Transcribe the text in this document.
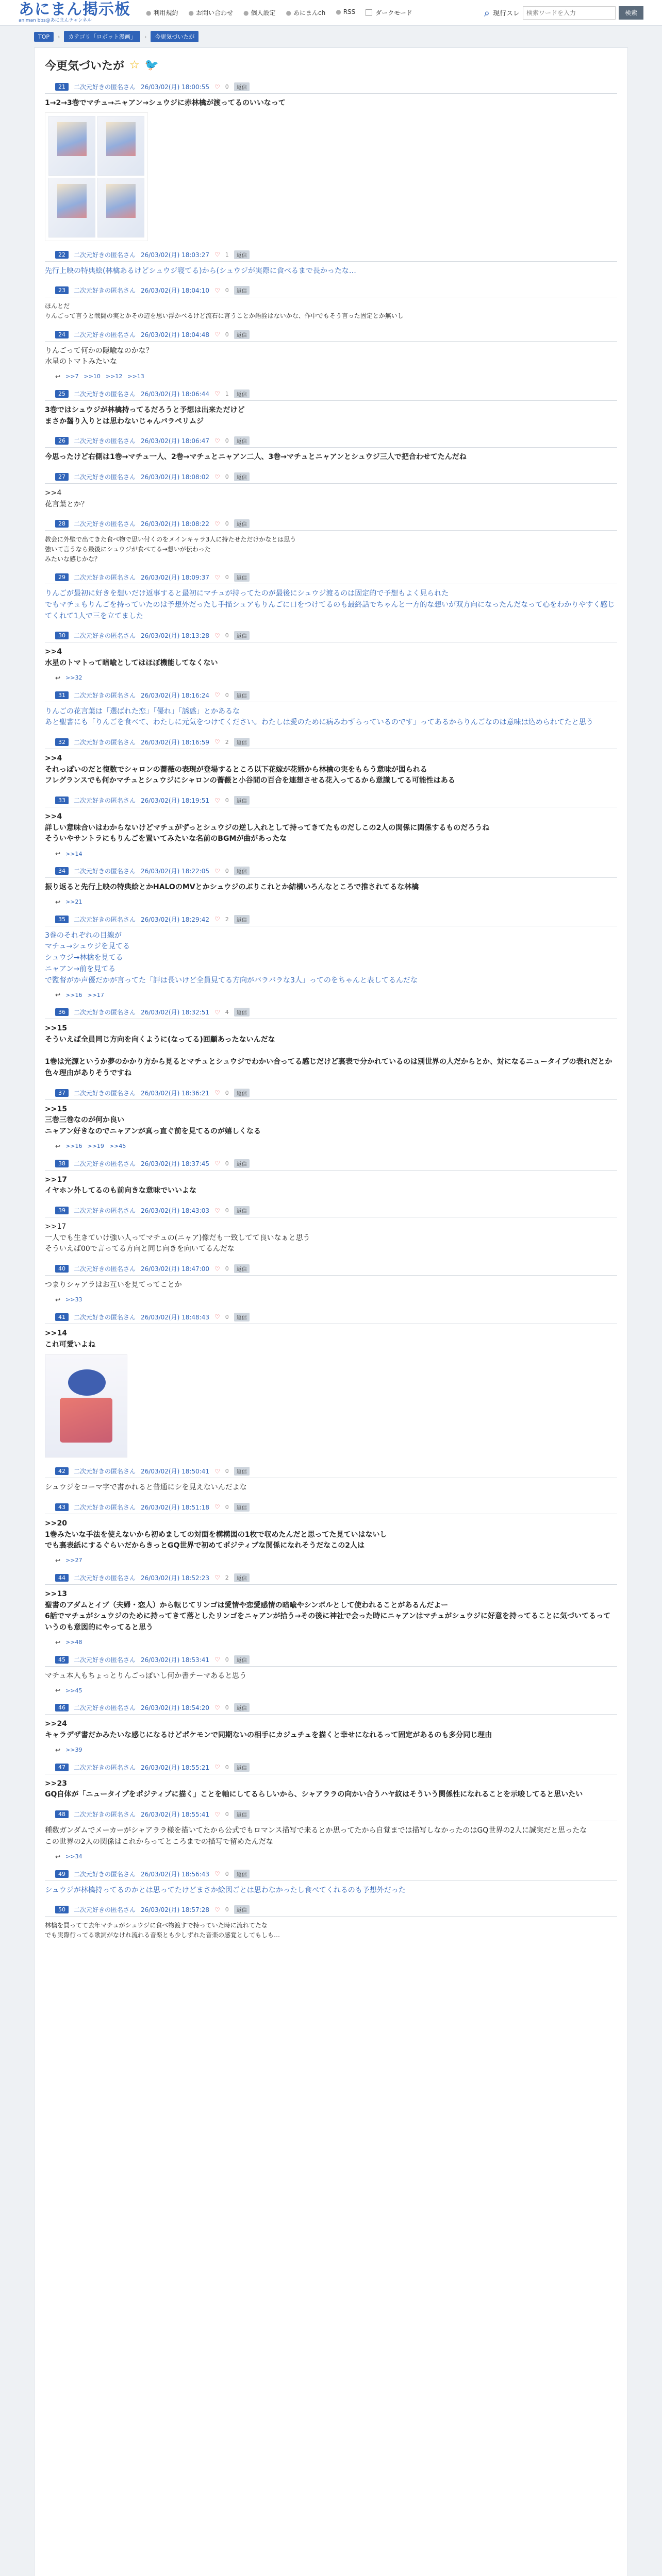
あにまん掲示板
animan bbs@あにまんチャンネル
● 利用規約 ● お問い合わせ ● 個人設定 ● あにまんch ● RSS	ダークモード	⌕ 現行スレ
検索ワードを入力	検索
TOP	›	カテゴリ「ロボット漫画」	›	今更気づいたが
今更気づいたが ☆ 🐦
21	二次元好きの匿名さん 26/03/02(月) 18:00:55 ♡ 0	返信
1→2→3巻でマチュ→ニャアン→シュウジに赤林檎が渡ってるのいいなって
22	二次元好きの匿名さん 26/03/02(月) 18:03:27 ♡ 1	返信
先行上映の特典絵(林檎あるけどシュウジ寝てる)から(シュウジが実際に食べるまで長かったな…
23	二次元好きの匿名さん 26/03/02(月) 18:04:10 ♡ 0	返信
ほんとだ
りんごって言うと戦闘の実とかその辺を思い浮かべるけど流石に言うことか語詮はないかな、作中でもそう言った固定とか無いし
24	二次元好きの匿名さん 26/03/02(月) 18:04:48 ♡ 0	返信
りんごって何かの隠喩なのかな？
水星のトマトみたいな
↩ >>7 >>10 >>12 >>13
25	二次元好きの匿名さん 26/03/02(月) 18:06:44 ♡ 1	返信
3巻ではシュウジが林檎持ってるだろうと予想は出来ただけど
まさか齧り入りとは思わないじゃんバラペリムジ
26	二次元好きの匿名さん 26/03/02(月) 18:06:47 ♡ 0	返信
今思ったけど右側は1巻→マチュ一人、2巻→マチュとニャアン二人、3巻→マチュとニャアンとシュウジ三人で把合わせてたんだね
27	二次元好きの匿名さん 26/03/02(月) 18:08:02 ♡ 0	返信
>>4
花言葉とか？
28	二次元好きの匿名さん 26/03/02(月) 18:08:22 ♡ 0	返信
教会に外壁で出てきた食べ物で思い付くのをメインキャラ3人に持たせただけかなとは思う
強いて言うなら最後にシュウジが食べてる→想いが伝わった
みたいな感じかな？
29	二次元好きの匿名さん 26/03/02(月) 18:09:37 ♡ 0	返信
りんごが最初に好きを想いだけ返事すると最初にマチュが持ってたのが最後にシュウジ渡るのは固定的で予想もよく見られた
でもマチュもりんごを持っていたのは予想外だったし手描シュアもりんごに口をつけてるのも最終話でちゃんと一方的な想いが双方向になったんだなって心をわかりやすく感じてくれて1人で三を立てました
30	二次元好きの匿名さん 26/03/02(月) 18:13:28 ♡ 0	返信
>>4
水星のトマトって暗喩としてはほぼ機能してなくない
↩ >>32
31	二次元好きの匿名さん 26/03/02(月) 18:16:24 ♡ 0	返信
りんごの花言葉は「選ばれた恋」「優れ」「誘惑」とかあるな
あと聖書にも「りんごを食べて、わたしに元気をつけてください。わたしは愛のために病みわずらっているのです」ってあるからりんごなのは意味は込められてたと思う
32	二次元好きの匿名さん 26/03/02(月) 18:16:59 ♡ 2	返信
>>4
それっぽいのだと復数でシャロンの薔薇の表現が登場するところ以下花嫁が花婿から林檎の実をもらう意味が図られる
フレグランスでも何かマチュとシュウジにシャロンの薔薇と小谷間の百合を連想させる花入ってるから意識してる可能性はある
33	二次元好きの匿名さん 26/03/02(月) 18:19:51 ♡ 0	返信
>>4
詳しい意味合いはわからないけどマチュがずっとシュウジの逆し入れとして持ってきてたものだしこの2人の関係に関係するものだろうね
そういやサントラにもりんごを置いてみたいな名前のBGMが曲があったな
↩ >>14
34	二次元好きの匿名さん 26/03/02(月) 18:22:05 ♡ 0	返信
振り返ると先行上映の特典絵とかHALOのMVとかシュウジのぶりこれとか結構いろんなところで推されてるな林檎
↩ >>21
35	二次元好きの匿名さん 26/03/02(月) 18:29:42 ♡ 2	返信
3巻のそれぞれの目線が
マチュ→シュウジを見てる
シュウジ→林檎を見てる
ニャアン→前を見てる
で監督がか声優だかが言ってた「評は長いけど全員見てる方向がバラバラな3人」ってのをちゃんと表してるんだな
↩ >>16 >>17
36	二次元好きの匿名さん 26/03/02(月) 18:32:51 ♡ 4	返信
>>15
そういえば全員同じ方向を向くように(なってる)回顧あったないんだな

1巻は光源というか夢のかかり方から見るとマチュとシュウジでわかい合ってる感じだけど裏表で分かれているのは別世界の人だからとか、対になるニュータイプの表れだとか色々理由がありそうですね
37	二次元好きの匿名さん 26/03/02(月) 18:36:21 ♡ 0	返信
>>15
三巻三巻なのが何か良い
ニャアン好きなのでニャアンが真っ直ぐ前を見てるのが嬉しくなる
↩ >>16 >>19 >>45
38	二次元好きの匿名さん 26/03/02(月) 18:37:45 ♡ 0	返信
>>17
イヤホン外してるのも前向きな意味でいいよな
39	二次元好きの匿名さん 26/03/02(月) 18:43:03 ♡ 0	返信
>>17
一人でも生きていけ強い人ってマチュの(ニャア)像だも一致してて良いなぁと思う
そういえば00で言ってる方向と同じ向きを向いてるんだな
40	二次元好きの匿名さん 26/03/02(月) 18:47:00 ♡ 0	返信
つまりシャアラはお互いを見てってことか
↩ >>33
41	二次元好きの匿名さん 26/03/02(月) 18:48:43 ♡ 0	返信
>>14
これ可愛いよね
42	二次元好きの匿名さん 26/03/02(月) 18:50:41 ♡ 0	返信
シュウジをコーマ字で書かれると普通にシを見えないんだよな
43	二次元好きの匿名さん 26/03/02(月) 18:51:18 ♡ 0	返信
>>20
1巻みたいな手法を使えないから初めましての対面を構構図の1枚で収めたんだと思ってた見ていはないし
でも裏表紙にするぐらいだからきっとGQ世界で初めてポジティブな関係になれそうだなこの2人は
↩ >>27
44	二次元好きの匿名さん 26/03/02(月) 18:52:23 ♡ 2	返信
>>13
聖書のアダムとイブ（夫婦・恋人）から転じてリンゴは愛情や恋愛感情の暗喩やシンボルとして使われることがあるんだよー
6話でマチュがシュウジのために持ってきて落としたリンゴをニャアンが拾う→その後に神社で会った時にニャアンはマチュがシュウジに好意を持ってることに気づいてるっていうのも意図的にやってると思う
↩ >>48
45	二次元好きの匿名さん 26/03/02(月) 18:53:41 ♡ 0	返信
マチュ本人もちょっとりんごっぽいし何か書テーマあると思う
↩ >>45
46	二次元好きの匿名さん 26/03/02(月) 18:54:20 ♡ 0	返信
>>24
キャラデザ書だかみたいな感じになるけどポケモンで同期ないの相手にカジュチュを描くと幸せになれるって固定があるのも多分同じ理由
↩ >>39
47	二次元好きの匿名さん 26/03/02(月) 18:55:21 ♡ 0	返信
>>23
GQ自体が「ニュータイプをポジティブに描く」ことを軸にしてるらしいから、シャアララの向かい合うハヤ紋はそういう関係性になれることを示唆してると思いたい
48	二次元好きの匿名さん 26/03/02(月) 18:55:41 ♡ 0	返信
種数ガンダムでメーカーがシャアララ様を描いてたから公式でもロマンス描写で来るとか思ってたから自覚までは描写しなかったのはGQ世界の2人に誠実だと思ったな
この世界の2人の関係はこれからってところまでの描写で留めたんだな
↩ >>34
49	二次元好きの匿名さん 26/03/02(月) 18:56:43 ♡ 0	返信
シュウジが林檎持ってるのかとは思ってたけどまさか絵図ごとは思わなかったし食べてくれるのも予想外だった
50	二次元好きの匿名さん 26/03/02(月) 18:57:28 ♡ 0	返信
林檎を買ってて去年マチュがシュウジに食べ物渡すで持っていた時に流れてたな
でも実際行ってる歌詞がなけれ流れる音楽とも少しずれた音楽の感覚としてもしも…
